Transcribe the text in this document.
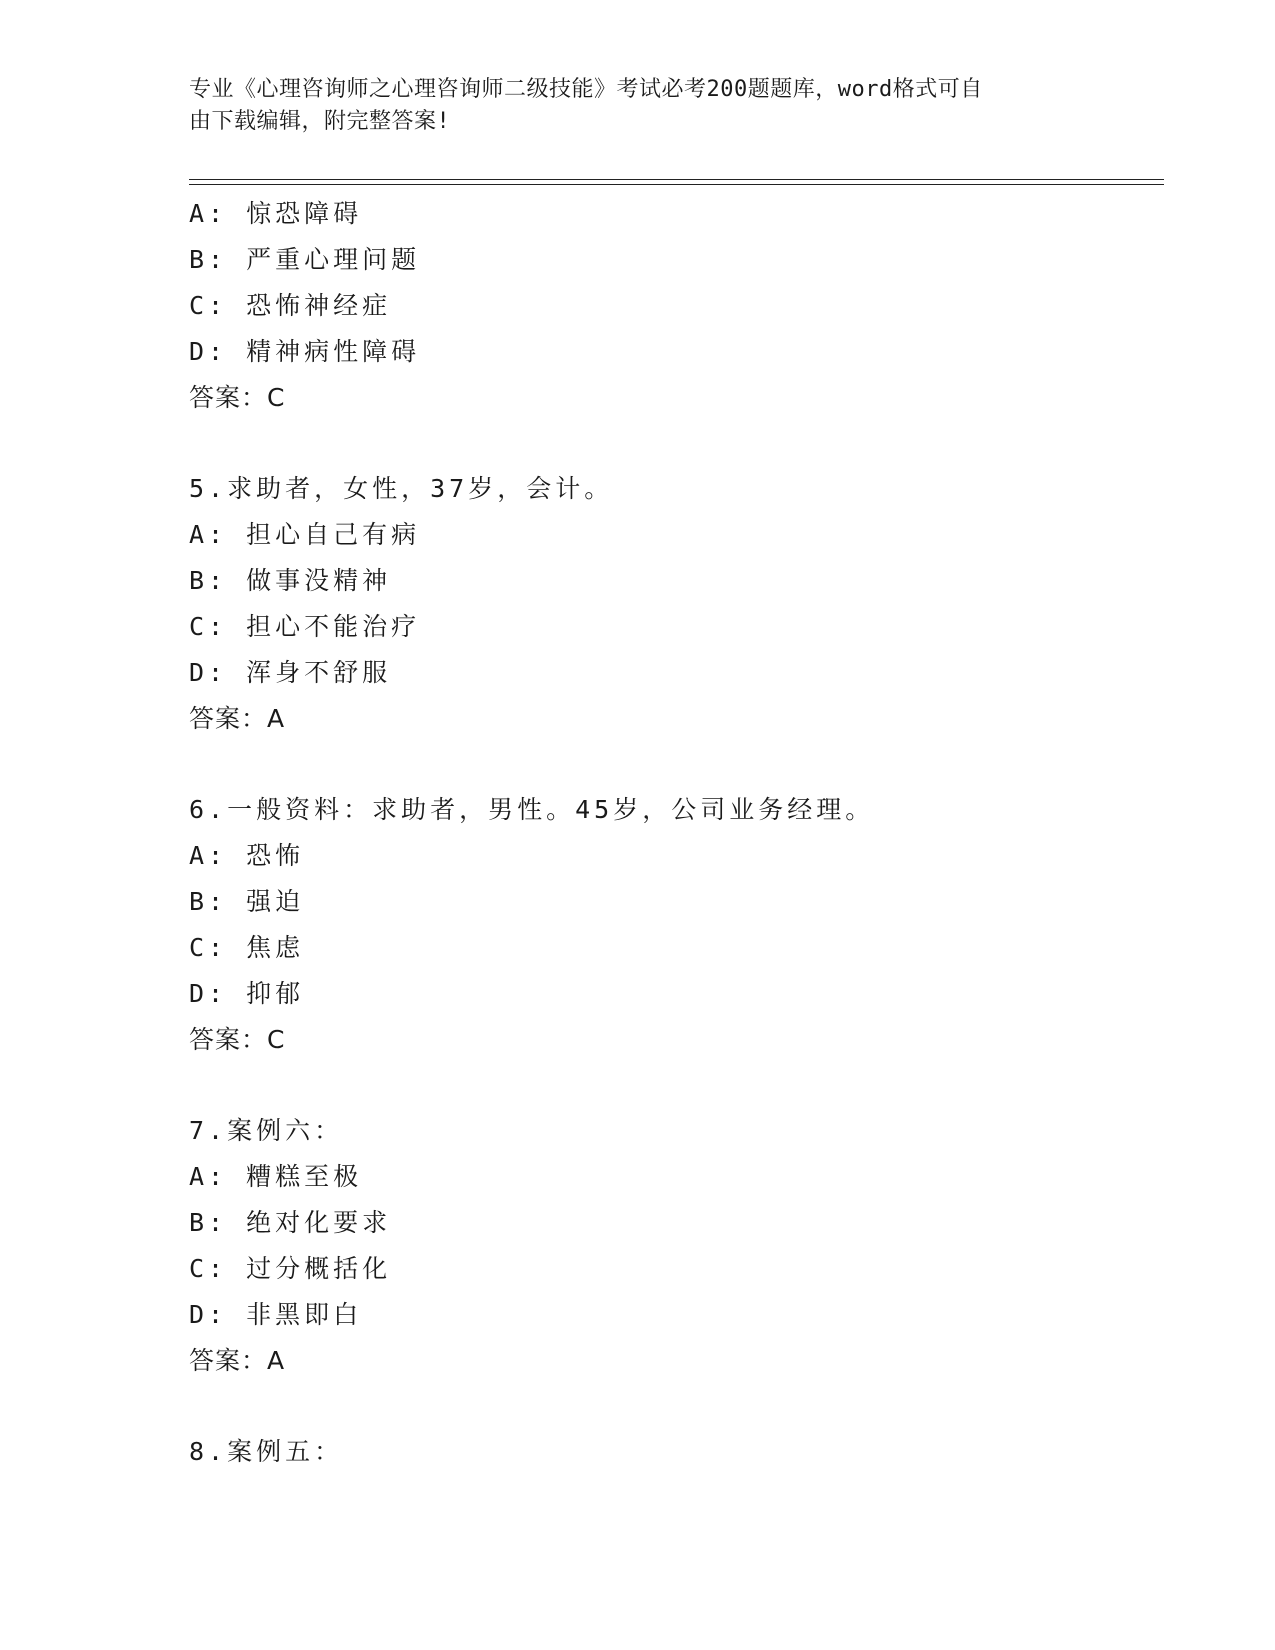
专业《心理咨询师之心理咨询师二级技能》考试必考200题题库，word格式可自
由下载编辑，附完整答案!
A: 惊恐障碍
B: 严重心理问题
C: 恐怖神经症
D: 精神病性障碍
答案：C
5.求助者，女性，37岁，会计。
A: 担心自己有病
B: 做事没精神
C: 担心不能治疗
D: 浑身不舒服
答案：A
6.一般资料：求助者，男性。45岁，公司业务经理。
A: 恐怖
B: 强迫
C: 焦虑
D: 抑郁
答案：C
7.案例六：
A: 糟糕至极
B: 绝对化要求
C: 过分概括化
D: 非黑即白
答案：A
8.案例五：
